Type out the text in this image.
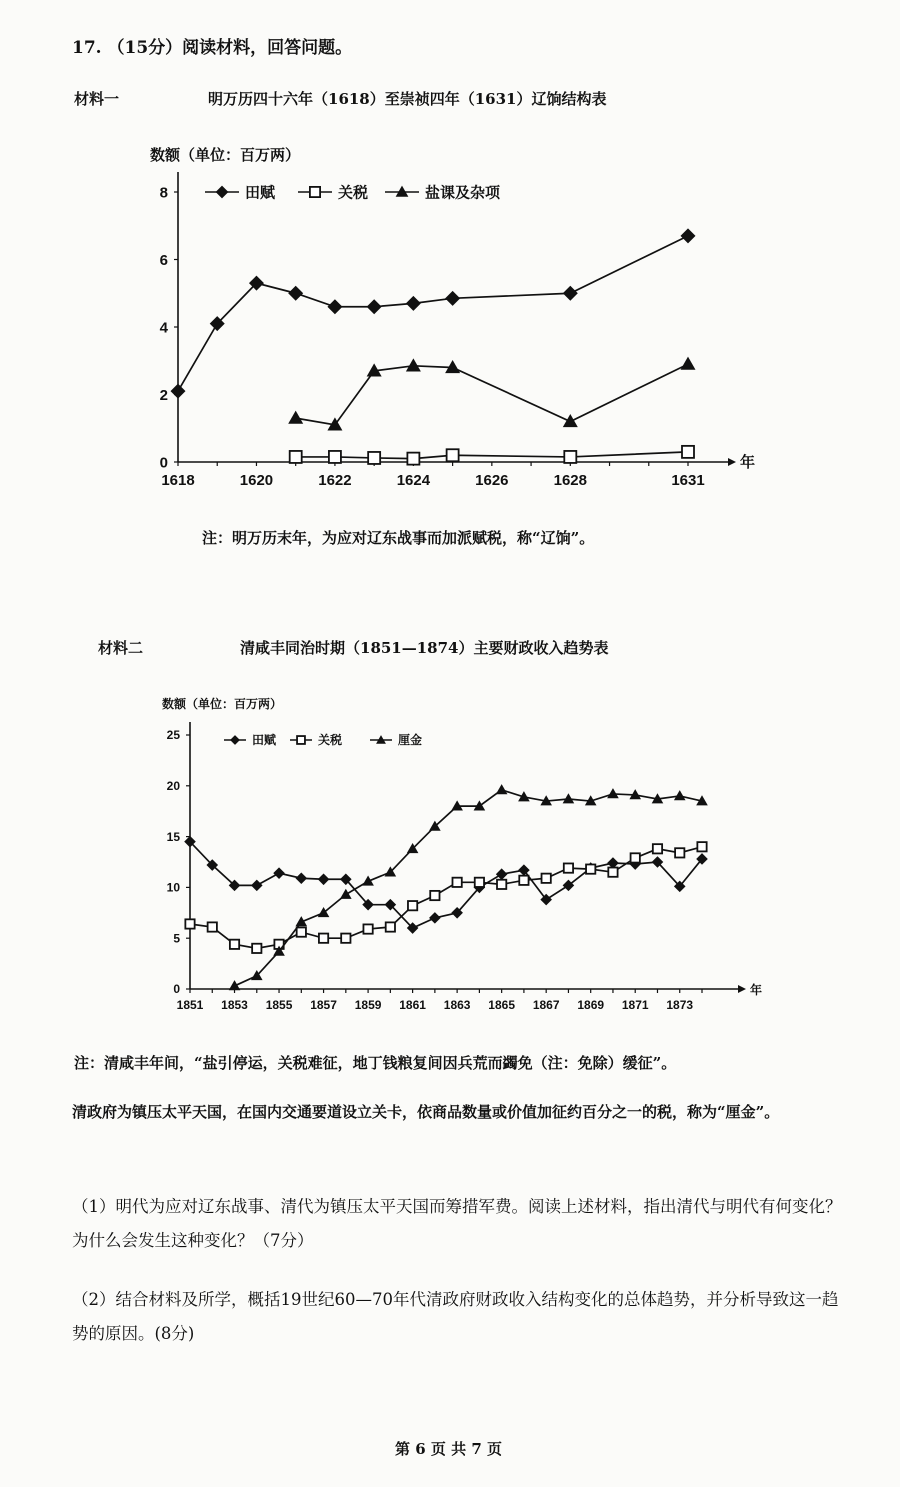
17. （15分）阅读材料，回答问题。
材料一	明万历四十六年（1618）至崇祯四年（1631）辽饷结构表
注：明万历末年，为应对辽东战事而加派赋税，称“辽饷”。
材料二	清咸丰同治时期（1851—1874）主要财政收入趋势表
注：清咸丰年间，“盐引停运，关税难征，地丁钱粮复间因兵荒而蠲免（注：免除）缓征”。
清政府为镇压太平天国，在国内交通要道设立关卡，依商品数量或价值加征约百分之一的税，称为“厘金”。
（1）明代为应对辽东战事、清代为镇压太平天国而筹措军费。阅读上述材料，指出清代与明代有何变化？为什么会发生这种变化？（7分）
（2）结合材料及所学，概括19世纪60—70年代清政府财政收入结构变化的总体趋势，并分析导致这一趋势的原因。(8分)
第 6 页 共 7 页
年
数额（单位：百万两）
0
2
4
6
8
1618	1620	1622	1624	1626	1628	1631
田赋	关税	盐课及杂项
年
数额（单位：百万两）
0
5
10
15
20
25
1851 1853 1855 1857 1859 1861 1863 1865 1867 1869 1871 1873
田赋	关税	厘金
